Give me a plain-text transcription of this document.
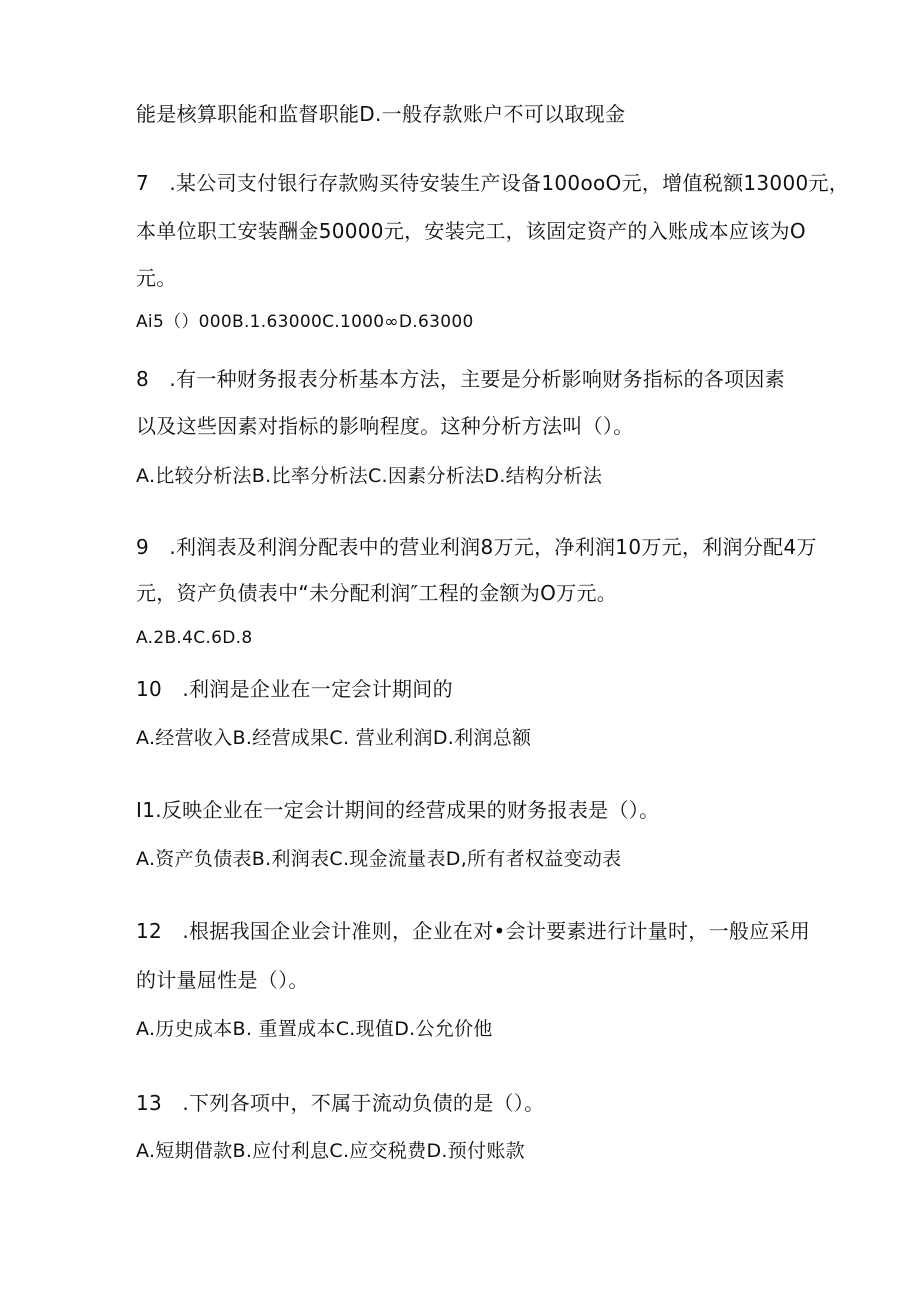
能是核算职能和监督职能D.一般存款账户不可以取现金
7　.某公司支付银行存款购买待安装生产设备100ooO元，增值税额13000元，
本单位职工安装酬金50000元，安装完工，该固定资产的入账成本应该为O
元。
Ai5（）000B.1.63000C.1000∞D.63000
8　.有一种财务报表分析基本方法，主要是分析影响财务指标的各项因素
以及这些因素对指标的影响程度。这种分析方法叫（）。
A.比较分析法B.比率分析法C.因素分析法D.结构分析法
9　.利润表及利润分配表中的营业利润8万元，净利润10万元，利润分配4万
元，资产负债表中“未分配利润″工程的金额为O万元。
A.2B.4C.6D.8
10　.利润是企业在一定会计期间的
A.经营收入B.经营成果C. 营业利润D.利润总额
I1.反映企业在一定会计期间的经营成果的财务报表是（）。
A.资产负债表B.利润表C.现金流量表D,所有者权益变动表
12　.根据我国企业会计准则，企业在对•会计要素进行计量时，一般应采用
的计量屈性是（）。
A.历史成本B. 重置成本C.现值D.公允价他
13　.下列各项中，不属于流动负债的是（）。
A.短期借款B.应付利息C.应交税费D.预付账款
